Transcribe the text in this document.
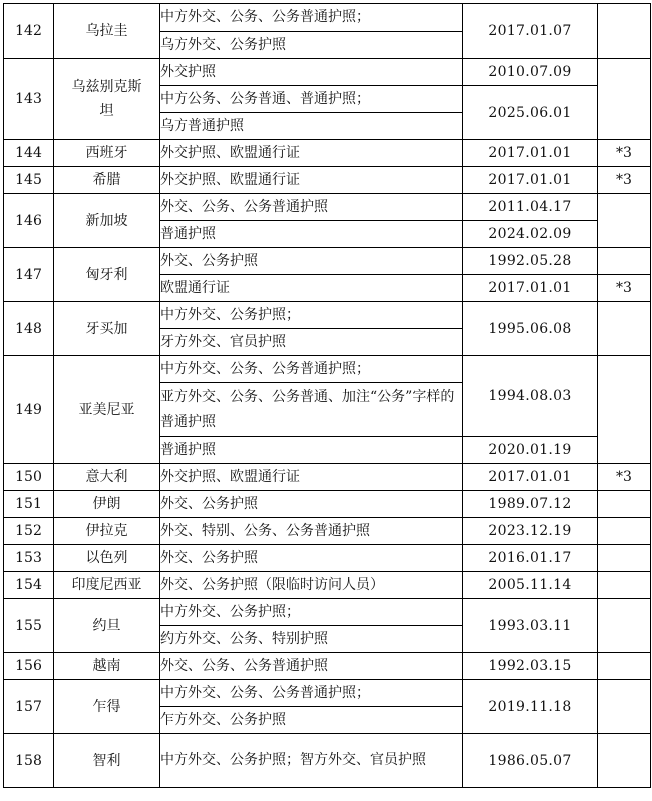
142	乌拉圭	中方外交、公务、公务普通护照；	2017.01.07	
		乌方外交、公务护照		
143	乌兹别克斯坦	外交护照	2010.07.09	
		中方公务、公务普通、普通护照；	2025.06.01	
		乌方普通护照		
144	西班牙	外交护照、欧盟通行证	2017.01.01	*3
145	希腊	外交护照、欧盟通行证	2017.01.01	*3
146	新加坡	外交、公务、公务普通护照	2011.04.17	
		普通护照	2024.02.09	
147	匈牙利	外交、公务护照	1992.05.28	
		欧盟通行证	2017.01.01	*3
148	牙买加	中方外交、公务护照；	1995.06.08	
		牙方外交、官员护照		
149	亚美尼亚	中方外交、公务、公务普通护照；	1994.08.03	
		亚方外交、公务、公务普通、加注“公务”字样的普通护照		
		普通护照	2020.01.19	
150	意大利	外交护照、欧盟通行证	2017.01.01	*3
151	伊朗	外交、公务护照	1989.07.12	
152	伊拉克	外交、特别、公务、公务普通护照	2023.12.19	
153	以色列	外交、公务护照	2016.01.17	
154	印度尼西亚	外交、公务护照（限临时访问人员）	2005.11.14	
155	约旦	中方外交、公务护照；	1993.03.11	
		约方外交、公务、特别护照		
156	越南	外交、公务、公务普通护照	1992.03.15	
157	乍得	中方外交、公务、公务普通护照；	2019.11.18	
		乍方外交、公务护照		
158	智利	中方外交、公务护照；智方外交、官员护照	1986.05.07	
